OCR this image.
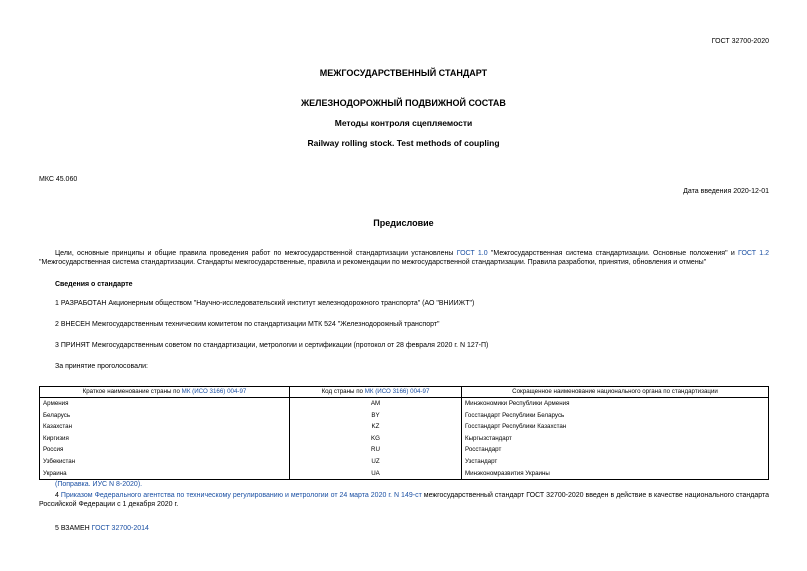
ГОСТ 32700-2020
МЕЖГОСУДАРСТВЕННЫЙ СТАНДАРТ
ЖЕЛЕЗНОДОРОЖНЫЙ ПОДВИЖНОЙ СОСТАВ
Методы контроля сцепляемости
Railway rolling stock. Test methods of coupling
МКС 45.060
Дата введения 2020-12-01
Предисловие
Цели, основные принципы и общие правила проведения работ по межгосударственной стандартизации установлены ГОСТ 1.0 "Межгосударственная система стандартизации. Основные положения" и ГОСТ 1.2 "Межгосударственная система стандартизации. Стандарты межгосударственные, правила и рекомендации по межгосударственной стандартизации. Правила разработки, принятия, обновления и отмены"
Сведения о стандарте
1 РАЗРАБОТАН Акционерным обществом "Научно-исследовательский институт железнодорожного транспорта" (АО "ВНИИЖТ")
2 ВНЕСЕН Межгосударственным техническим комитетом по стандартизации МТК 524 "Железнодорожный транспорт"
3 ПРИНЯТ Межгосударственным советом по стандартизации, метрологии и сертификации (протокол от 28 февраля 2020 г. N 127-П)
За принятие проголосовали:
Краткое наименование страны по МК (ИСО 3166) 004-97	Код страны по МК (ИСО 3166) 004-97	Сокращенное наименование национального органа по стандартизации
Армения	AM	Минэкономики Республики Армения
Беларусь	BY	Госстандарт Республики Беларусь
Казахстан	KZ	Госстандарт Республики Казахстан
Киргизия	KG	Кыргызстандарт
Россия	RU	Росстандарт
Узбекистан	UZ	Узстандарт
Украина	UA	Минэкономразвития Украины
(Поправка. ИУС N 8-2020).
4 Приказом Федерального агентства по техническому регулированию и метрологии от 24 марта 2020 г. N 149-ст межгосударственный стандарт ГОСТ 32700-2020 введен в действие в качестве национального стандарта Российской Федерации с 1 декабря 2020 г.
5 ВЗАМЕН ГОСТ 32700-2014
